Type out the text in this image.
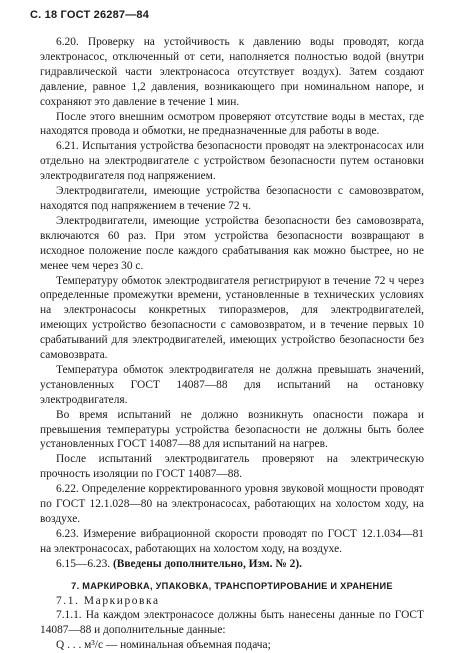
С. 18 ГОСТ 26287—84

6.20. Проверку на устойчивость к давлению воды проводят, когда электронасос, отключенный от сети, наполняется полностью водой (внутри гидравлической части электронасоса отсутствует воздух). Затем создают давление, равное 1,2 давления, возникающего при номинальном напоре, и сохраняют это давление в течение 1 мин.

После этого внешним осмотром проверяют отсутствие воды в местах, где находятся провода и обмотки, не предназначенные для работы в воде.

6.21. Испытания устройства безопасности проводят на электронасосах или отдельно на электродвигателе с устройством безопасности путем остановки электродвигателя под напряжением.

Электродвигатели, имеющие устройства безопасности с самовозвратом, находятся под напряжением в течение 72 ч.

Электродвигатели, имеющие устройства безопасности без самовозврата, включаются 60 раз. При этом устройства безопасности возвращают в исходное положение после каждого срабатывания как можно быстрее, но не менее чем через 30 с.

Температуру обмоток электродвигателя регистрируют в течение 72 ч через определенные промежутки времени, установленные в технических условиях на электронасосы конкретных типоразмеров, для электродвигателей, имеющих устройство безопасности с самовозвратом, и в течение первых 10 срабатываний для электродвигателей, имеющих устройство безопасности без самовозврата.

Температура обмоток электродвигателя не должна превышать значений, установленных ГОСТ 14087—88 для испытаний на остановку электродвигателя.

Во время испытаний не должно возникнуть опасности пожара и превышения температуры устройства безопасности не должны быть более установленных ГОСТ 14087—88 для испытаний на нагрев.

После испытаний электродвигатель проверяют на электрическую прочность изоляции по ГОСТ 14087—88.

6.22. Определение корректированного уровня звуковой мощности проводят по ГОСТ 12.1.028—80 на электронасосах, работающих на холостом ходу, на воздухе.

6.23. Измерение вибрационной скорости проводят по ГОСТ 12.1.034—81 на электронасосах, работающих на холостом ходу, на воздухе.

6.15—6.23. (Введены дополнительно, Изм. № 2).

7. МАРКИРОВКА, УПАКОВКА, ТРАНСПОРТИРОВАНИЕ И ХРАНЕНИЕ

7.1. Маркировка

7.1.1. На каждом электронасосе должны быть нанесены данные по ГОСТ 14087—88 и дополнительные данные:

Q . . . м³/с — номинальная объемная подача;
